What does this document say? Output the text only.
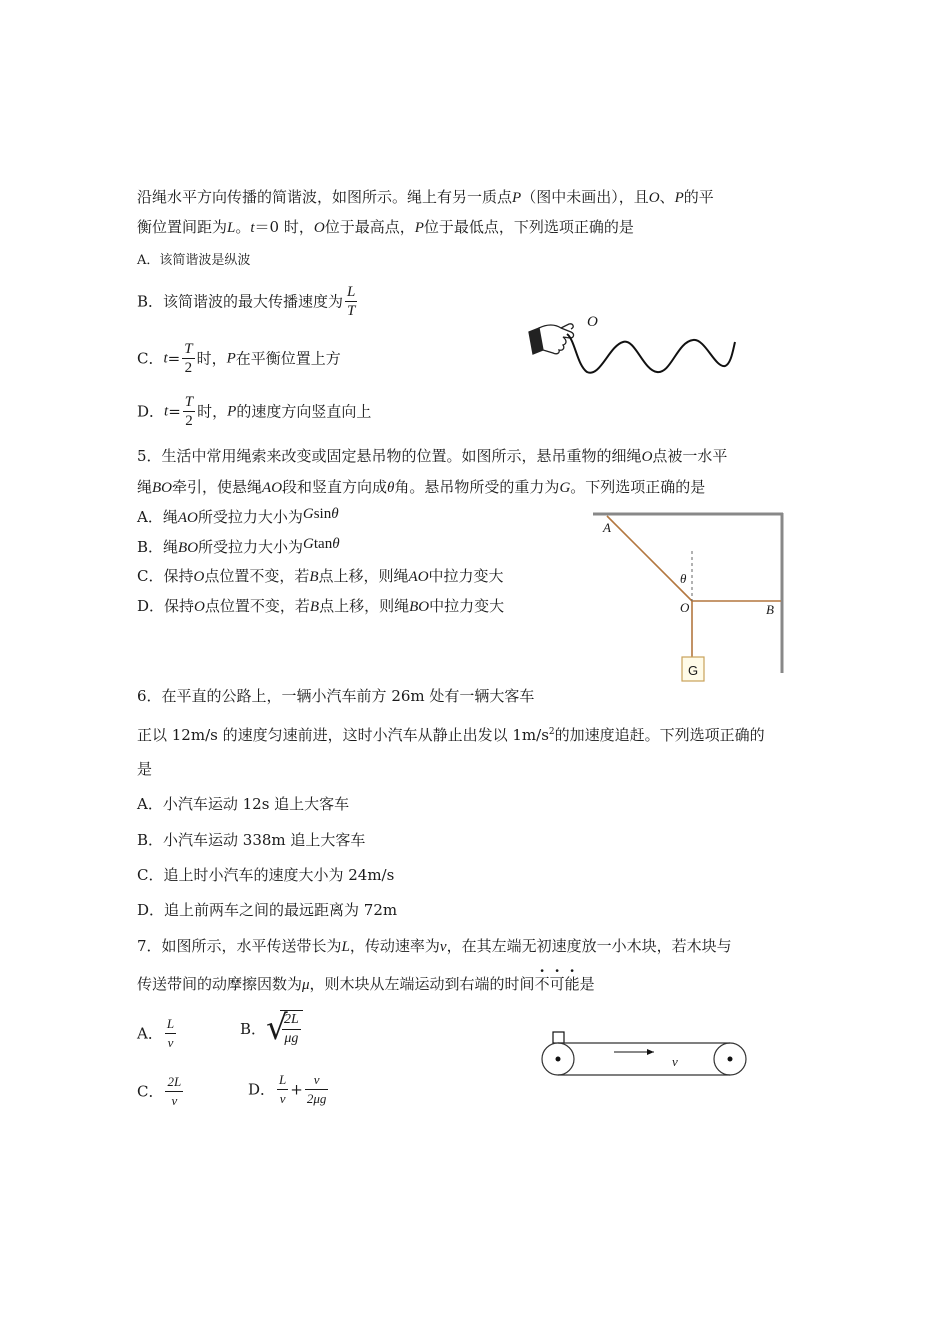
沿绳水平方向传播的简谐波，如图所示。绳上有另一质点P（图中未画出），且O、P的平
衡位置间距为L。t＝0 时，O位于最高点，P位于最低点，下列选项正确的是
A．该简谐波是纵波
B．该简谐波的最大传播速度为 $\frac{L}{T}$
C．$t= \frac{T}{2}$ 时，P在平衡位置上方
D．$t= \frac{T}{2}$ 时，P的速度方向竖直向上
O
5．生活中常用绳索来改变或固定悬吊物的位置。如图所示，悬吊重物的细绳O点被一水平
绳BO牵引，使悬绳AO段和竖直方向成θ角。悬吊物所受的重力为G。下列选项正确的是
A．绳AO所受拉力大小为Gsinθ
B．绳BO所受拉力大小为Gtanθ
C．保持O点位置不变，若B点上移，则绳AO中拉力变大
D．保持O点位置不变，若B点上移，则绳BO中拉力变大
A
θ
O	B
G
6．在平直的公路上，一辆小汽车前方 26m 处有一辆大客车
正以 12m/s 的速度匀速前进，这时小汽车从静止出发以 $1m/s^2$的加速度追赶。下列选项正确的
是
A．小汽车运动 12s 追上大客车
B．小汽车运动 338m 追上大客车
C．追上时小汽车的速度大小为 24m/s
D．追上前两车之间的最远距离为 72m
7．如图所示，水平传送带长为L，传动速率为v，在其左端无初速度放一小木块，若木块与
传送带间的动摩擦因数为μ，则木块从左端运动到右端的时间不可能是
A． $\frac{L}{v}$	B． √
$\frac{2L}{\mu g}$
C． $\frac{2L}{v}$	D． $\frac{L}{v} + \frac{v}{2\mu g}$
v
